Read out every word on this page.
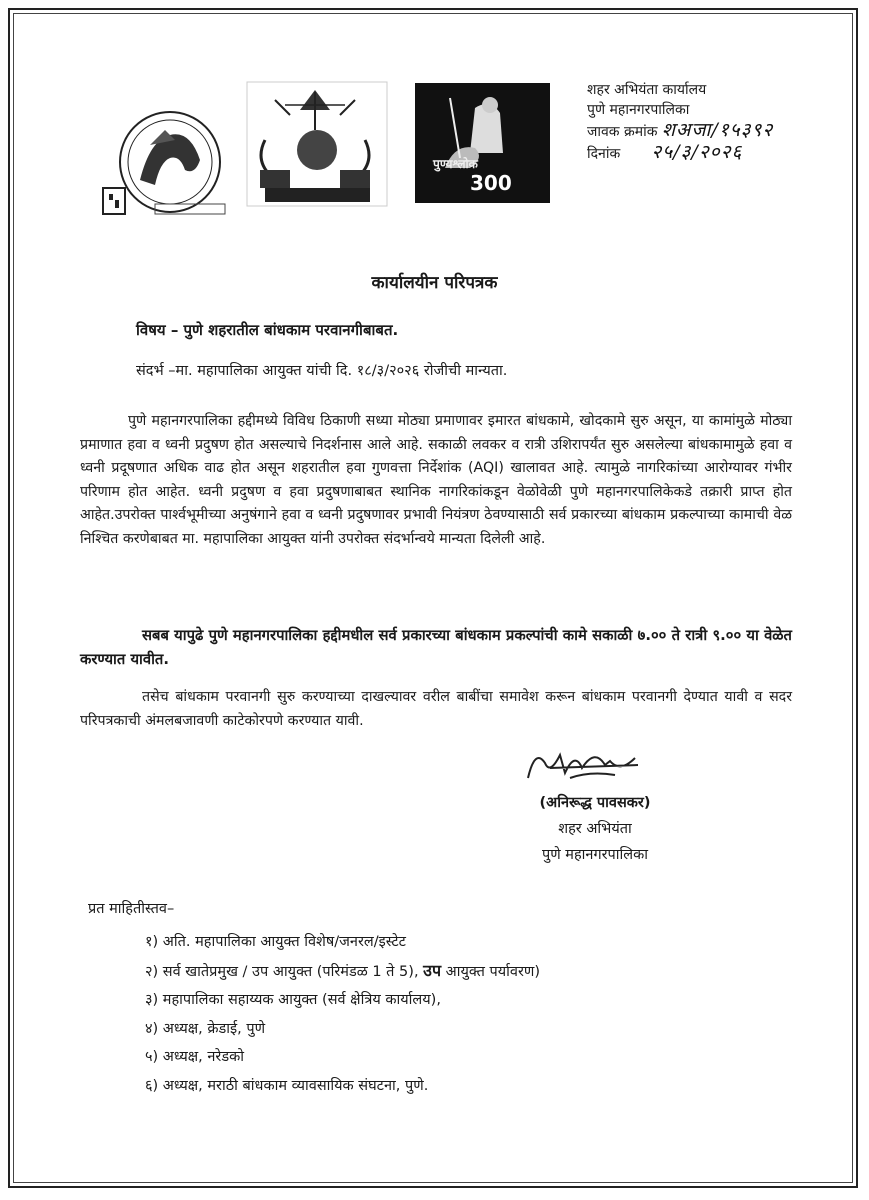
पुण्यश्लोक
300
शहर अभियंता कार्यालय
पुणे महानगरपालिका
जावक क्रमांक शअजा/१५३९२
दिनांक २५/३/२०२६
कार्यालयीन परिपत्रक
विषय – पुणे शहरातील बांधकाम परवानगीबाबत.
संदर्भ –मा. महापालिका आयुक्त यांची दि. १८/३/२०२६ रोजीची मान्यता.
पुणे महानगरपालिका हद्दीमध्ये विविध ठिकाणी सध्या मोठ्या प्रमाणावर इमारत बांधकामे, खोदकामे सुरु असून, या कामांमुळे मोठ्या प्रमाणात हवा व ध्वनी प्रदुषण होत असल्याचे निदर्शनास आले आहे. सकाळी लवकर व रात्री उशिरापर्यंत सुरु असलेल्या बांधकामामुळे हवा व ध्वनी प्रदूषणात अधिक वाढ होत असून शहरातील हवा गुणवत्ता निर्देशांक (AQI) खालावत आहे. त्यामुळे नागरिकांच्या आरोग्यावर गंभीर परिणाम होत आहेत. ध्वनी प्रदुषण व हवा प्रदुषणाबाबत स्थानिक नागरिकांकडून वेळोवेळी पुणे महानगरपालिकेकडे तक्रारी प्राप्त होत आहेत.उपरोक्त पार्श्वभूमीच्या अनुषंगाने हवा व ध्वनी प्रदुषणावर प्रभावी नियंत्रण ठेवण्यासाठी सर्व प्रकारच्या बांधकाम प्रकल्पाच्या कामाची वेळ निश्चित करणेबाबत मा. महापालिका आयुक्त यांनी उपरोक्त संदर्भान्वये मान्यता दिलेली आहे.
सबब यापुढे पुणे महानगरपालिका हद्दीमधील सर्व प्रकारच्या बांधकाम प्रकल्पांची कामे सकाळी ७.०० ते रात्री ९.०० या वेळेत करण्यात यावीत.
तसेच बांधकाम परवानगी सुरु करण्याच्या दाखल्यावर वरील बाबींचा समावेश करून बांधकाम परवानगी देण्यात यावी व सदर परिपत्रकाची अंमलबजावणी काटेकोरपणे करण्यात यावी.
(अनिरूद्ध पावसकर)
शहर अभियंता
पुणे महानगरपालिका
प्रत माहितीस्तव–
१) अति. महापालिका आयुक्त विशेष/जनरल/इस्टेट
२) सर्व खातेप्रमुख / उप आयुक्त (परिमंडळ 1 ते 5), उप आयुक्त पर्यावरण)
३) महापालिका सहाय्यक आयुक्त (सर्व क्षेत्रिय कार्यालय),
४) अध्यक्ष, क्रेडाई, पुणे
५) अध्यक्ष, नरेडको
६) अध्यक्ष, मराठी बांधकाम व्यावसायिक संघटना, पुणे.
